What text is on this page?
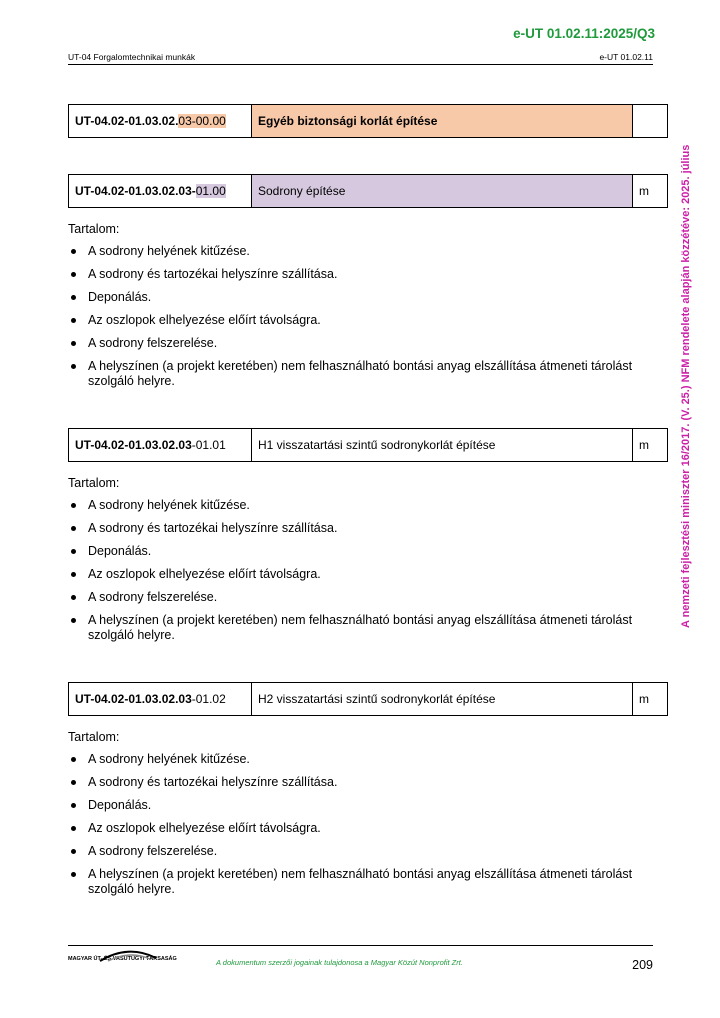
e-UT 01.02.11:2025/Q3
UT-04 Forgalomtechnikai munkák	e-UT 01.02.11
A nemzeti fejlesztési miniszter 16/2017. (V. 25.) NFM rendelete alapján közzétéve: 2025. július
UT-04.02-01.03.02.03-00.00	Egyéb biztonsági korlát építése	
UT-04.02-01.03.02.03-01.00	Sodrony építése	m
Tartalom:
A sodrony helyének kitűzése.
A sodrony és tartozékai helyszínre szállítása.
Deponálás.
Az oszlopok elhelyezése előírt távolságra.
A sodrony felszerelése.
A helyszínen (a projekt keretében) nem felhasználható bontási anyag elszállítása átmeneti tárolást szolgáló helyre.
UT-04.02-01.03.02.03-01.01	H1 visszatartási szintű sodronykorlát építése	m
Tartalom:
A sodrony helyének kitűzése.
A sodrony és tartozékai helyszínre szállítása.
Deponálás.
Az oszlopok elhelyezése előírt távolságra.
A sodrony felszerelése.
A helyszínen (a projekt keretében) nem felhasználható bontási anyag elszállítása átmeneti tárolást szolgáló helyre.
UT-04.02-01.03.02.03-01.02	H2 visszatartási szintű sodronykorlát építése	m
Tartalom:
A sodrony helyének kitűzése.
A sodrony és tartozékai helyszínre szállítása.
Deponálás.
Az oszlopok elhelyezése előírt távolságra.
A sodrony felszerelése.
A helyszínen (a projekt keretében) nem felhasználható bontási anyag elszállítása átmeneti tárolást szolgáló helyre.
MAGYAR ÚT- ÉS VASÚTÜGYI TÁRSASÁG	A dokumentum szerzői jogainak tulajdonosa a Magyar Közút Nonprofit Zrt.	209
